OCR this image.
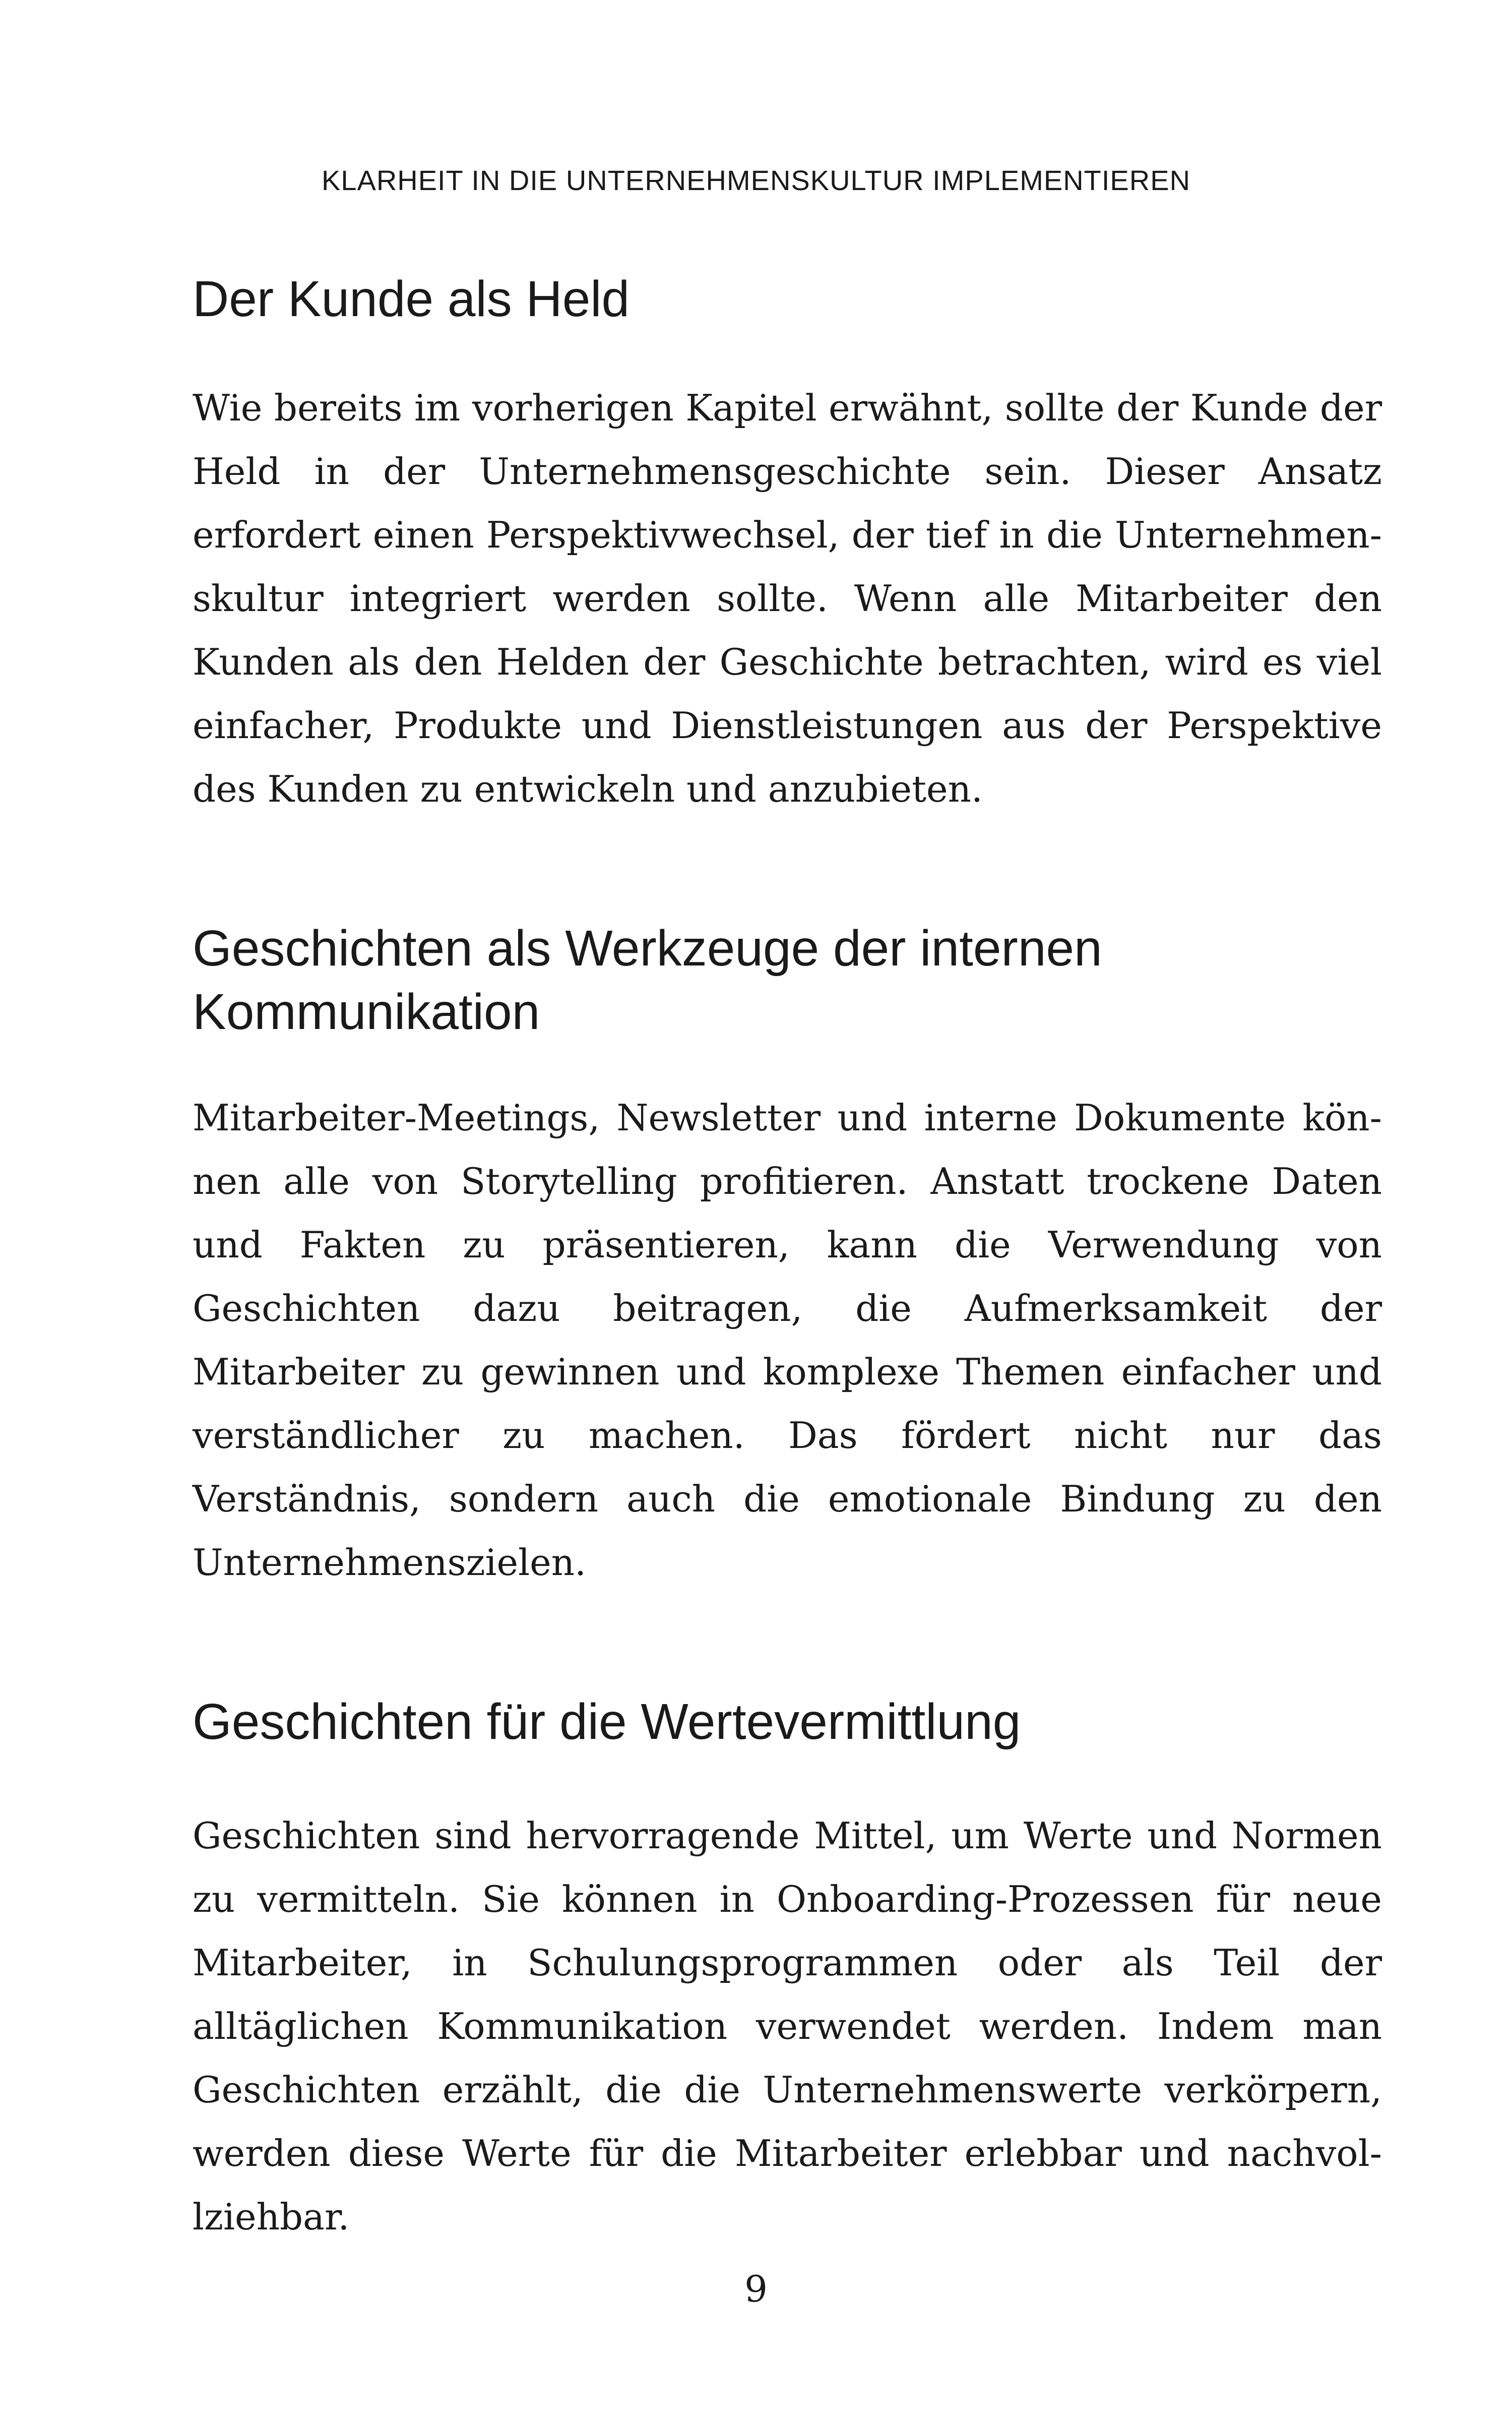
KLARHEIT IN DIE UNTERNEHMENSKULTUR IMPLEMENTIEREN
Der Kunde als Held

Wie bereits im vorherigen Kapitel erwähnt, sollte der Kunde der Held in der Unternehmensgeschichte sein. Dieser Ansatz erfordert einen Perspektivwechsel, der tief in die Unternehmenskultur integriert werden sollte. Wenn alle Mitarbeiter den Kunden als den Helden der Geschichte betrachten, wird es viel einfacher, Produkte und Dienstleistungen aus der Perspektive des Kunden zu entwickeln und anzubieten.

Geschichten als Werkzeuge der internen Kommunikation

Mitarbeiter-Meetings, Newsletter und interne Dokumente können alle von Storytelling profitieren. Anstatt trockene Daten und Fakten zu präsentieren, kann die Verwendung von Geschichten dazu beitragen, die Aufmerksamkeit der Mitarbeiter zu gewinnen und komplexe Themen einfacher und verständlicher zu machen. Das fördert nicht nur das Verständnis, sondern auch die emotionale Bindung zu den Unternehmenszielen.

Geschichten für die Wertevermittlung

Geschichten sind hervorragende Mittel, um Werte und Normen zu vermitteln. Sie können in Onboarding-Prozessen für neue Mitarbeiter, in Schulungsprogrammen oder als Teil der alltäglichen Kommunikation verwendet werden. Indem man Geschichten erzählt, die die Unternehmenswerte verkörpern, werden diese Werte für die Mitarbeiter erlebbar und nachvollziehbar.

9
